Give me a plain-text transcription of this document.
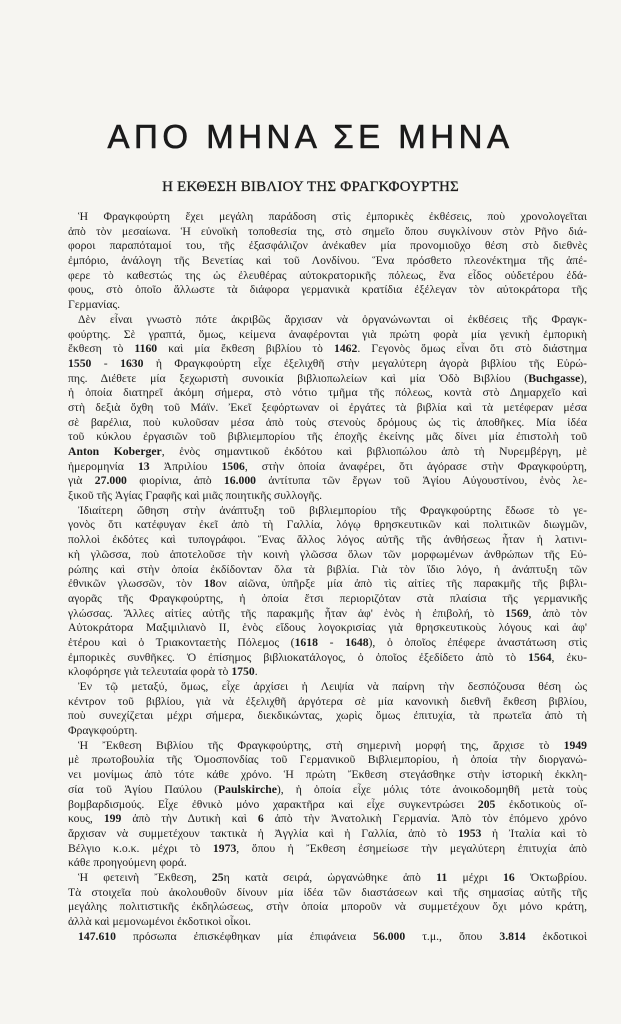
ΑΠΟ ΜΗΝΑ ΣΕ ΜΗΝΑ
Η ΕΚΘΕΣΗ ΒΙΒΛΙΟΥ ΤΗΣ ΦΡΑΓΚΦΟΥΡΤΗΣ
Ἡ Φραγκφούρτη ἔχει μεγάλη παράδοση στὶς ἐμπορικὲς ἐκθέσεις, ποὺ χρονολογεῖται
ἀπὸ τὸν μεσαίωνα. Ἡ εὐνοϊκὴ τοποθεσία της, στὸ σημεῖο ὅπου συγκλίνουν στὸν Ρῆνο διά-
φοροι παραπόταμοί του, τῆς ἐξασφάλιζον ἀνέκαθεν μία προνομιοῦχο θέση στὸ διεθνὲς
ἐμπόριο, ἀνάλογη τῆς Βενετίας καὶ τοῦ Λονδίνου. Ἕνα πρόσθετο πλεονέκτημα τῆς ἀπέ-
φερε τὸ καθεστώς της ὡς ἐλευθέρας αὐτοκρατορικῆς πόλεως, ἕνα εἶδος οὐδετέρου ἐδά-
φους, στὸ ὁποῖο ἄλλωστε τὰ διάφορα γερμανικὰ κρατίδια ἐξέλεγαν τὸν αὐτοκράτορα τῆς
Γερμανίας.
Δὲν εἶναι γνωστὸ πότε ἀκριβῶς ἄρχισαν νὰ ὀργανώνωνται οἱ ἐκθέσεις τῆς Φραγκ-
φούρτης. Σὲ γραπτά, ὅμως, κείμενα ἀναφέρονται γιὰ πρώτη φορὰ μία γενικὴ ἐμπορικὴ
ἔκθεση τὸ 1160 καὶ μία ἔκθεση βιβλίου τὸ 1462. Γεγονὸς ὅμως εἶναι ὅτι στὸ διάστημα
1550 - 1630 ἡ Φραγκφούρτη εἶχε ἐξελιχθῆ στὴν μεγαλύτερη ἀγορὰ βιβλίου τῆς Εὐρώ-
πης. Διέθετε μία ξεχωριστὴ συνοικία βιβλιοπωλείων καὶ μία Ὁδὸ Βιβλίου (Buchgasse),
ἡ ὁποία διατηρεῖ ἀκόμη σήμερα, στὸ νότιο τμῆμα τῆς πόλεως, κοντὰ στὸ Δημαρχεῖο καὶ
στὴ δεξιὰ ὄχθη τοῦ Μάϊν. Ἐκεῖ ξεφόρτωναν οἱ ἐργάτες τὰ βιβλία καὶ τὰ μετέφεραν μέσα
σὲ βαρέλια, ποὺ κυλοῦσαν μέσα ἀπὸ τοὺς στενοὺς δρόμους ὡς τὶς ἀποθῆκες. Μία ἰδέα
τοῦ κύκλου ἐργασιῶν τοῦ βιβλιεμπορίου τῆς ἐποχῆς ἐκείνης μᾶς δίνει μία ἐπιστολὴ τοῦ
Anton Koberger, ἑνὸς σημαντικοῦ ἐκδότου καὶ βιβλιοπώλου ἀπὸ τὴ Νυρεμβέργη, μὲ
ἡμερομηνία 13 Ἀπριλίου 1506, στὴν ὁποία ἀναφέρει, ὅτι ἀγόρασε στὴν Φραγκφούρτη,
γιὰ 27.000 φιορίνια, ἀπὸ 16.000 ἀντίτυπα τῶν ἔργων τοῦ Ἁγίου Αὐγουστίνου, ἑνὸς λε-
ξικοῦ τῆς Ἁγίας Γραφῆς καὶ μιᾶς ποιητικῆς συλλογῆς.
Ἰδιαίτερη ὤθηση στὴν ἀνάπτυξη τοῦ βιβλιεμπορίου τῆς Φραγκφούρτης ἔδωσε τὸ γε-
γονὸς ὅτι κατέφυγαν ἐκεῖ ἀπὸ τὴ Γαλλία, λόγῳ θρησκευτικῶν καὶ πολιτικῶν διωγμῶν,
πολλοὶ ἐκδότες καὶ τυπογράφοι. Ἕνας ἄλλος λόγος αὐτῆς τῆς ἀνθήσεως ἦταν ἡ λατινι-
κὴ γλῶσσα, ποὺ ἀποτελοῦσε τὴν κοινὴ γλῶσσα ὅλων τῶν μορφωμένων ἀνθρώπων τῆς Εὐ-
ρώπης καὶ στὴν ὁποία ἐκδίδονταν ὅλα τὰ βιβλία. Γιὰ τὸν ἴδιο λόγο, ἡ ἀνάπτυξη τῶν
ἐθνικῶν γλωσσῶν, τὸν 18ον αἰῶνα, ὑπῆρξε μία ἀπὸ τὶς αἰτίες τῆς παρακμῆς τῆς βιβλι-
αγορᾶς τῆς Φραγκφούρτης, ἡ ὁποία ἔτσι περιοριζόταν στὰ πλαίσια τῆς γερμανικῆς
γλώσσας. Ἄλλες αἰτίες αὐτῆς τῆς παρακμῆς ἦταν ἀφ' ἑνὸς ἡ ἐπιβολή, τὸ 1569, ἀπὸ τὸν
Αὐτοκράτορα Μαξιμιλιανὸ ΙΙ, ἑνὸς εἴδους λογοκρισίας γιὰ θρησκευτικοὺς λόγους καὶ ἀφ'
ἑτέρου καὶ ὁ Τριακονταετὴς Πόλεμος (1618 - 1648), ὁ ὁποῖος ἐπέφερε ἀναστάτωση στὶς
ἐμπορικὲς συνθῆκες. Ὁ ἐπίσημος βιβλιοκατάλογος, ὁ ὁποῖος ἐξεδίδετο ἀπὸ τὸ 1564, ἐκυ-
κλοφόρησε γιὰ τελευταία φορὰ τὸ 1750.
Ἐν τῷ μεταξύ, ὅμως, εἶχε ἀρχίσει ἡ Λειψία νὰ παίρνη τὴν δεσπόζουσα θέση ὡς
κέντρον τοῦ βιβλίου, γιὰ νὰ ἐξελιχθῆ ἀργότερα σὲ μία κανονικὴ διεθνῆ ἔκθεση βιβλίου,
ποὺ συνεχίζεται μέχρι σήμερα, διεκδικώντας, χωρὶς ὅμως ἐπιτυχία, τὰ πρωτεῖα ἀπὸ τὴ
Φραγκφούρτη.
Ἡ Ἔκθεση Βιβλίου τῆς Φραγκφούρτης, στὴ σημερινὴ μορφή της, ἄρχισε τὸ 1949
μὲ πρωτοβουλία τῆς Ὁμοσπονδίας τοῦ Γερμανικοῦ Βιβλιεμπορίου, ἡ ὁποία τὴν διοργανώ-
νει μονίμως ἀπὸ τότε κάθε χρόνο. Ἡ πρώτη Ἔκθεση στεγάσθηκε στὴν ἱστορικὴ ἐκκλη-
σία τοῦ Ἁγίου Παύλου (Paulskirche), ἡ ὁποία εἶχε μόλις τότε ἀνοικοδομηθῆ μετὰ τοὺς
βομβαρδισμούς. Εἶχε ἐθνικὸ μόνο χαρακτῆρα καὶ εἶχε συγκεντρώσει 205 ἐκδοτικοὺς οἴ-
κους, 199 ἀπὸ τὴν Δυτικὴ καὶ 6 ἀπὸ τὴν Ἀνατολικὴ Γερμανία. Ἀπὸ τὸν ἐπόμενο χρόνο
ἄρχισαν νὰ συμμετέχουν τακτικὰ ἡ Ἀγγλία καὶ ἡ Γαλλία, ἀπὸ τὸ 1953 ἡ Ἰταλία καὶ τὸ
Βέλγιο κ.ο.κ. μέχρι τὸ 1973, ὅπου ἡ Ἔκθεση ἐσημείωσε τὴν μεγαλύτερη ἐπιτυχία ἀπὸ
κάθε προηγούμενη φορά.
Ἡ φετεινὴ Ἔκθεση, 25η κατὰ σειρά, ὠργανώθηκε ἀπὸ 11 μέχρι 16 Ὀκτωβρίου.
Τὰ στοιχεῖα ποὺ ἀκολουθοῦν δίνουν μία ἰδέα τῶν διαστάσεων καὶ τῆς σημασίας αὐτῆς τῆς
μεγάλης πολιτιστικῆς ἐκδηλώσεως, στὴν ὁποία μποροῦν νὰ συμμετέχουν ὄχι μόνο κράτη,
ἀλλὰ καὶ μεμονωμένοι ἐκδοτικοὶ οἶκοι.
147.610 πρόσωπα ἐπισκέφθηκαν μία ἐπιφάνεια 56.000 τ.μ., ὅπου 3.814 ἐκδοτικοὶ
